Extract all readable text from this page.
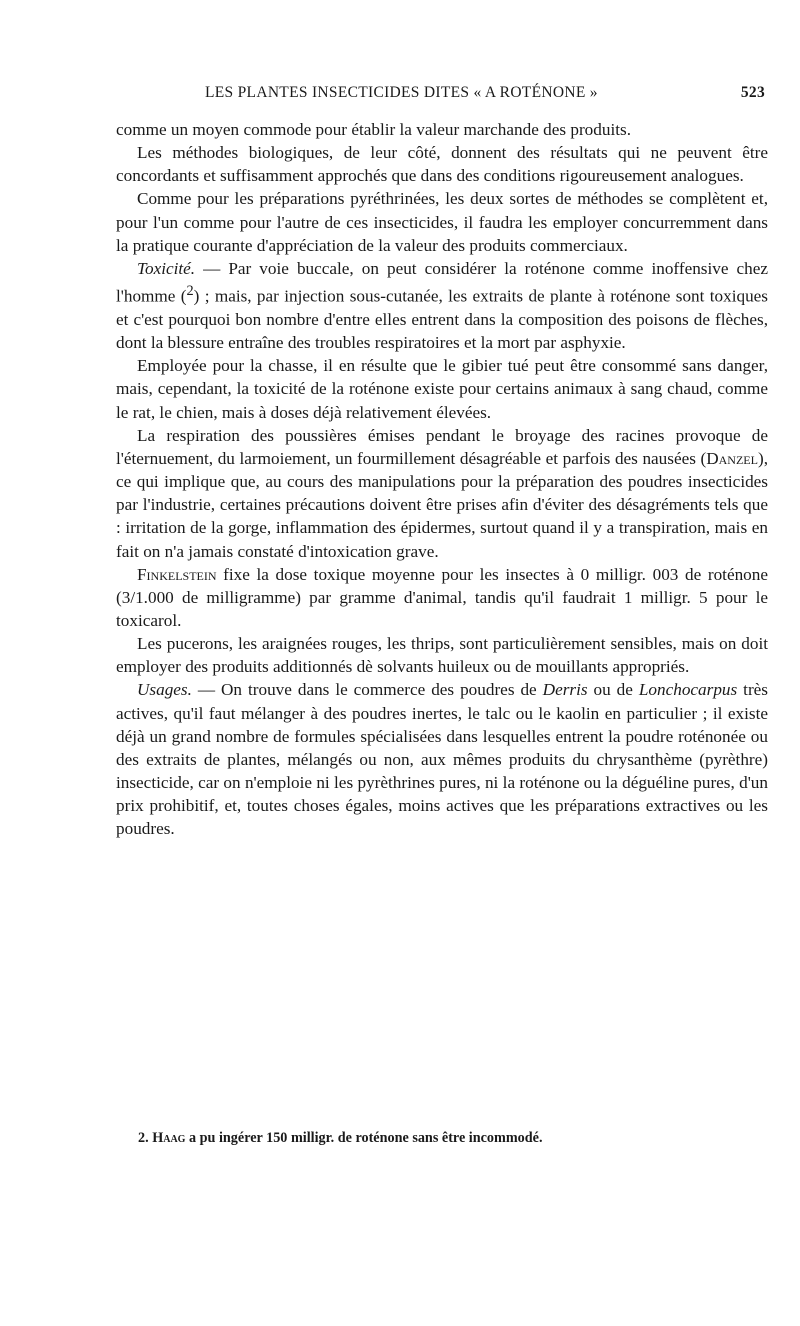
LES PLANTES INSECTICIDES DITES « A ROTÉNONE »	523

comme un moyen commode pour établir la valeur marchande des produits.

Les méthodes biologiques, de leur côté, donnent des résultats qui ne peuvent être concordants et suffisamment approchés que dans des conditions rigoureusement analogues.

Comme pour les préparations pyréthrinées, les deux sortes de méthodes se complètent et, pour l'un comme pour l'autre de ces insecticides, il faudra les employer concurremment dans la pratique courante d'appréciation de la valeur des produits commerciaux.

Toxicité. — Par voie buccale, on peut considérer la roténone comme inoffensive chez l'homme ($^2$) ; mais, par injection sous-cutanée, les extraits de plante à roténone sont toxiques et c'est pourquoi bon nombre d'entre elles entrent dans la composition des poisons de flèches, dont la blessure entraîne des troubles respiratoires et la mort par asphyxie.

Employée pour la chasse, il en résulte que le gibier tué peut être consommé sans danger, mais, cependant, la toxicité de la roténone existe pour certains animaux à sang chaud, comme le rat, le chien, mais à doses déjà relativement élevées.

La respiration des poussières émises pendant le broyage des racines provoque de l'éternuement, du larmoiement, un fourmillement désagréable et parfois des nausées (Danzel), ce qui implique que, au cours des manipulations pour la préparation des poudres insecticides par l'industrie, certaines précautions doivent être prises afin d'éviter des désagréments tels que : irritation de la gorge, inflammation des épidermes, surtout quand il y a transpiration, mais en fait on n'a jamais constaté d'intoxication grave.

Finkelstein fixe la dose toxique moyenne pour les insectes à 0 milligr. 003 de roténone (3/1.000 de milligramme) par gramme d'animal, tandis qu'il faudrait 1 milligr. 5 pour le toxicarol.

Les pucerons, les araignées rouges, les thrips, sont particulièrement sensibles, mais on doit employer des produits additionnés dè solvants huileux ou de mouillants appropriés.

Usages. — On trouve dans le commerce des poudres de Derris ou de Lonchocarpus très actives, qu'il faut mélanger à des poudres inertes, le talc ou le kaolin en particulier ; il existe déjà un grand nombre de formules spécialisées dans lesquelles entrent la poudre roténonée ou des extraits de plantes, mélangés ou non, aux mêmes produits du chrysanthème (pyrèthre) insecticide, car on n'emploie ni les pyrèthrines pures, ni la roténone ou la déguéline pures, d'un prix prohibitif, et, toutes choses égales, moins actives que les préparations extractives ou les poudres.

2. Haag a pu ingérer 150 milligr. de roténone sans être incommodé.
